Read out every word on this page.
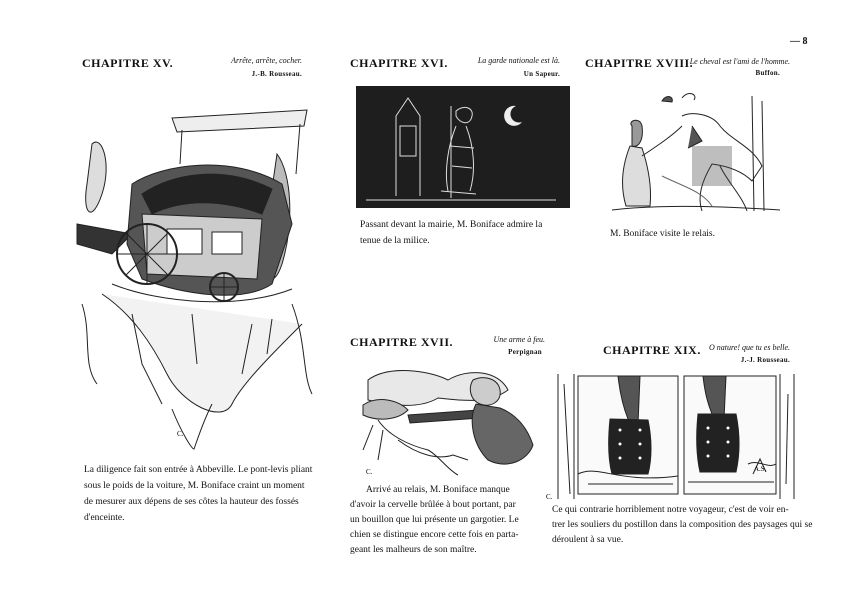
— 8
CHAPITRE XV.	Arrête, arrête, cocher.
J.-B. Rousseau.
C.
La diligence fait son entrée à Abbeville. Le pont-levis pliant
sous le poids de la voiture, M. Boniface craint un moment
de mesurer aux dépens de ses côtes la hauteur des fossés
d'enceinte.
CHAPITRE XVI.	La garde nationale est là.
Un Sapeur.
Passant devant la mairie, M. Boniface admire la
tenue de la milice.
CHAPITRE XVIII.
Le cheval est l'ami de l'homme.
Buffon.
M. Boniface visite le relais.
CHAPITRE XVII.	Une arme à feu.
Perpignan
C.
Arrivé au relais, M. Boniface manque
d'avoir la cervelle brûlée à bout portant, par
un bouillon que lui présente un gargotier. Le
chien se distingue encore cette fois en parta-
geant les malheurs de son maître.
CHAPITRE XIX.	O nature! que tu es belle.
J.-J. Rousseau.
C.
A.S.
Ce qui contrarie horriblement notre voyageur, c'est de voir en-
trer les souliers du postillon dans la composition des paysages qui se
déroulent à sa vue.
